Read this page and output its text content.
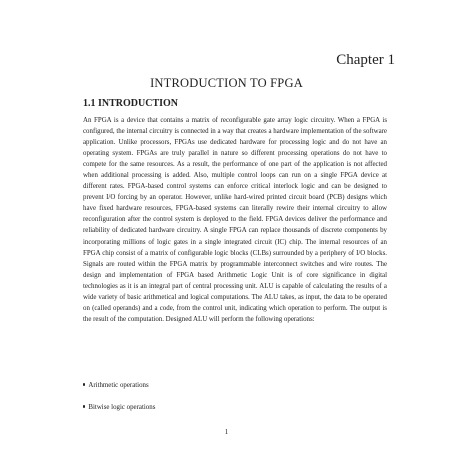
Chapter 1
INTRODUCTION TO FPGA
1.1 INTRODUCTION

An FPGA is a device that contains a matrix of reconfigurable gate array logic circuitry. When a FPGA is configured, the internal circuitry is connected in a way that creates a hardware implementation of the software application. Unlike processors, FPGAs use dedicated hardware for processing logic and do not have an operating system. FPGAs are truly parallel in nature so different processing operations do not have to compete for the same resources. As a result, the performance of one part of the application is not affected when additional processing is added. Also, multiple control loops can run on a single FPGA device at different rates. FPGA-based control systems can enforce critical interlock logic and can be designed to prevent I/O forcing by an operator. However, unlike hard-wired printed circuit board (PCB) designs which have fixed hardware resources, FPGA-based systems can literally rewire their internal circuitry to allow reconfiguration after the control system is deployed to the field. FPGA devices deliver the performance and reliability of dedicated hardware circuitry. A single FPGA can replace thousands of discrete components by incorporating millions of logic gates in a single integrated circuit (IC) chip. The internal resources of an FPGA chip consist of a matrix of configurable logic blocks (CLBs) surrounded by a periphery of I/O blocks. Signals are routed within the FPGA matrix by programmable interconnect switches and wire routes. The design and implementation of FPGA based Arithmetic Logic Unit is of core significance in digital technologies as it is an integral part of central processing unit. ALU is capable of calculating the results of a wide variety of basic arithmetical and logical computations. The ALU takes, as input, the data to be operated on (called operands) and a code, from the control unit, indicating which operation to perform. The output is the result of the computation. Designed ALU will perform the following operations:

Arithmetic operations
Bitwise logic operations
1
